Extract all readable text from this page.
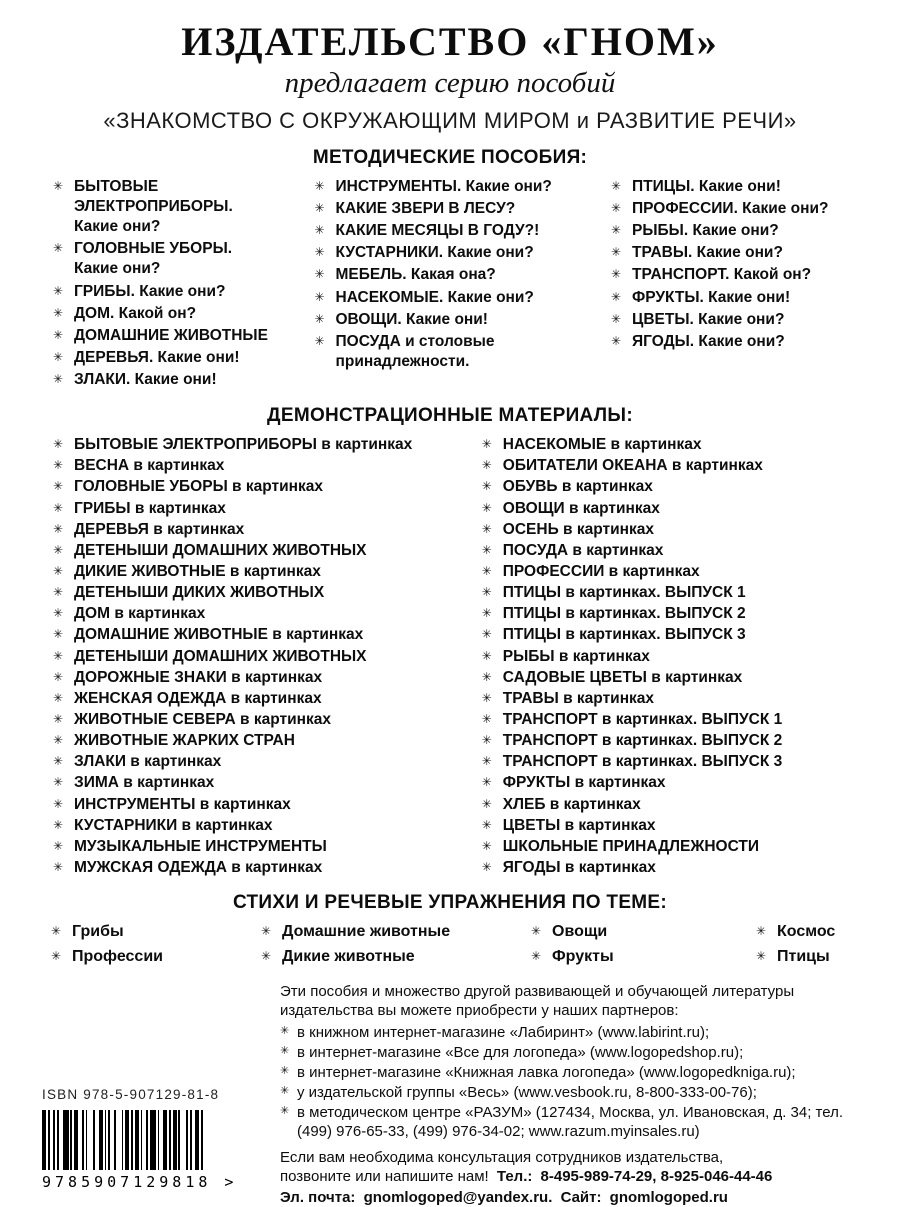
ИЗДАТЕЛЬСТВО «ГНОМ»
предлагает серию пособий
«ЗНАКОМСТВО С ОКРУЖАЮЩИМ МИРОМ и РАЗВИТИЕ РЕЧИ»
МЕТОДИЧЕСКИЕ ПОСОБИЯ:
✳ БЫТОВЫЕ ЭЛЕКТРОПРИБОРЫ. Какие они?
✳ ГОЛОВНЫЕ УБОРЫ. Какие они?
✳ ГРИБЫ. Какие они?
✳ ДОМ. Какой он?
✳ ДОМАШНИЕ ЖИВОТНЫЕ
✳ ДЕРЕВЬЯ. Какие они!
✳ ЗЛАКИ. Какие они!
✳ ИНСТРУМЕНТЫ. Какие они?
✳ КАКИЕ ЗВЕРИ В ЛЕСУ?
✳ КАКИЕ МЕСЯЦЫ В ГОДУ?!
✳ КУСТАРНИКИ. Какие они?
✳ МЕБЕЛЬ. Какая она?
✳ НАСЕКОМЫЕ. Какие они?
✳ ОВОЩИ. Какие они!
✳ ПОСУДА и столовые принадлежности.
✳ ПТИЦЫ. Какие они!
✳ ПРОФЕССИИ. Какие они?
✳ РЫБЫ. Какие они?
✳ ТРАВЫ. Какие они?
✳ ТРАНСПОРТ. Какой он?
✳ ФРУКТЫ. Какие они!
✳ ЦВЕТЫ. Какие они?
✳ ЯГОДЫ. Какие они?
ДЕМОНСТРАЦИОННЫЕ МАТЕРИАЛЫ:
✳ БЫТОВЫЕ ЭЛЕКТРОПРИБОРЫ в картинках
✳ ВЕСНА в картинках
✳ ГОЛОВНЫЕ УБОРЫ в картинках
✳ ГРИБЫ в картинках
✳ ДЕРЕВЬЯ в картинках
✳ ДЕТЕНЫШИ ДОМАШНИХ ЖИВОТНЫХ
✳ ДИКИЕ ЖИВОТНЫЕ в картинках
✳ ДЕТЕНЫШИ ДИКИХ ЖИВОТНЫХ
✳ ДОМ в картинках
✳ ДОМАШНИЕ ЖИВОТНЫЕ в картинках
✳ ДЕТЕНЫШИ ДОМАШНИХ ЖИВОТНЫХ
✳ ДОРОЖНЫЕ ЗНАКИ в картинках
✳ ЖЕНСКАЯ ОДЕЖДА в картинках
✳ ЖИВОТНЫЕ СЕВЕРА в картинках
✳ ЖИВОТНЫЕ ЖАРКИХ СТРАН
✳ ЗЛАКИ в картинках
✳ ЗИМА в картинках
✳ ИНСТРУМЕНТЫ в картинках
✳ КУСТАРНИКИ в картинках
✳ МУЗЫКАЛЬНЫЕ ИНСТРУМЕНТЫ
✳ МУЖСКАЯ ОДЕЖДА в картинках
✳ НАСЕКОМЫЕ в картинках
✳ ОБИТАТЕЛИ ОКЕАНА в картинках
✳ ОБУВЬ в картинках
✳ ОВОЩИ в картинках
✳ ОСЕНЬ в картинках
✳ ПОСУДА в картинках
✳ ПРОФЕССИИ в картинках
✳ ПТИЦЫ в картинках. ВЫПУСК 1
✳ ПТИЦЫ в картинках. ВЫПУСК 2
✳ ПТИЦЫ в картинках. ВЫПУСК 3
✳ РЫБЫ в картинках
✳ САДОВЫЕ ЦВЕТЫ в картинках
✳ ТРАВЫ в картинках
✳ ТРАНСПОРТ в картинках. ВЫПУСК 1
✳ ТРАНСПОРТ в картинках. ВЫПУСК 2
✳ ТРАНСПОРТ в картинках. ВЫПУСК 3
✳ ФРУКТЫ в картинках
✳ ХЛЕБ в картинках
✳ ЦВЕТЫ в картинках
✳ ШКОЛЬНЫЕ ПРИНАДЛЕЖНОСТИ
✳ ЯГОДЫ в картинках
СТИХИ И РЕЧЕВЫЕ УПРАЖНЕНИЯ ПО ТЕМЕ:
✳ Грибы
✳ Профессии
✳ Домашние животные
✳ Дикие животные
✳ Овощи
✳ Фрукты
✳ Космос
✳ Птицы
ISBN 978-5-907129-81-8
9785907129818 >
Эти пособия и множество другой развивающей и обучающей литературы издательства вы можете приобрести у наших партнеров:
✳ в книжном интернет-магазине «Лабиринт» (www.labirint.ru);
✳ в интернет-магазине «Все для логопеда» (www.logopedshop.ru);
✳ в интернет-магазине «Книжная лавка логопеда» (www.logopedkniga.ru);
✳ у издательской группы «Весь» (www.vesbook.ru, 8-800-333-00-76);
✳ в методическом центре «РАЗУМ» (127434, Москва, ул. Ивановская, д. 34; тел. (499) 976-65-33, (499) 976-34-02; www.razum.myinsales.ru)
Если вам необходима консультация сотрудников издательства,
позвоните или напишите нам! Тел.: 8-495-989-74-29, 8-925-046-44-46
Эл. почта: gnomlogoped@yandex.ru. Сайт: gnomlogoped.ru
